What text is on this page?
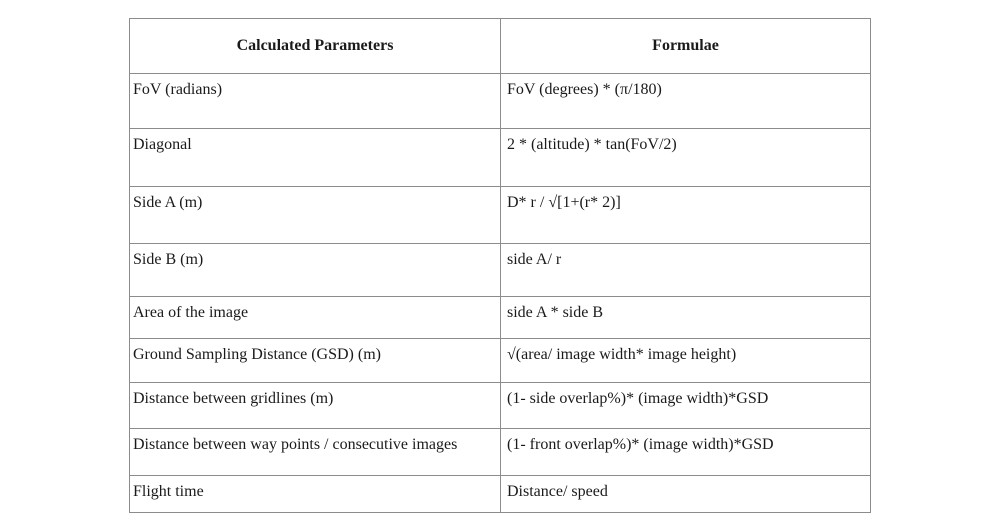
Calculated Parameters	Formulae
FoV (radians)	FoV (degrees) * (π/180)
Diagonal	2 * (altitude) * tan(FoV/2)
Side A (m)	D* r / √[1+(r* 2)]
Side B (m)	side A/ r
Area of the image	side A * side B
Ground Sampling Distance (GSD) (m)	√(area/ image width* image height)
Distance between gridlines (m)	(1- side overlap%)* (image width)*GSD
Distance between way points / consecutive images	(1- front overlap%)* (image width)*GSD
Flight time	Distance/ speed
